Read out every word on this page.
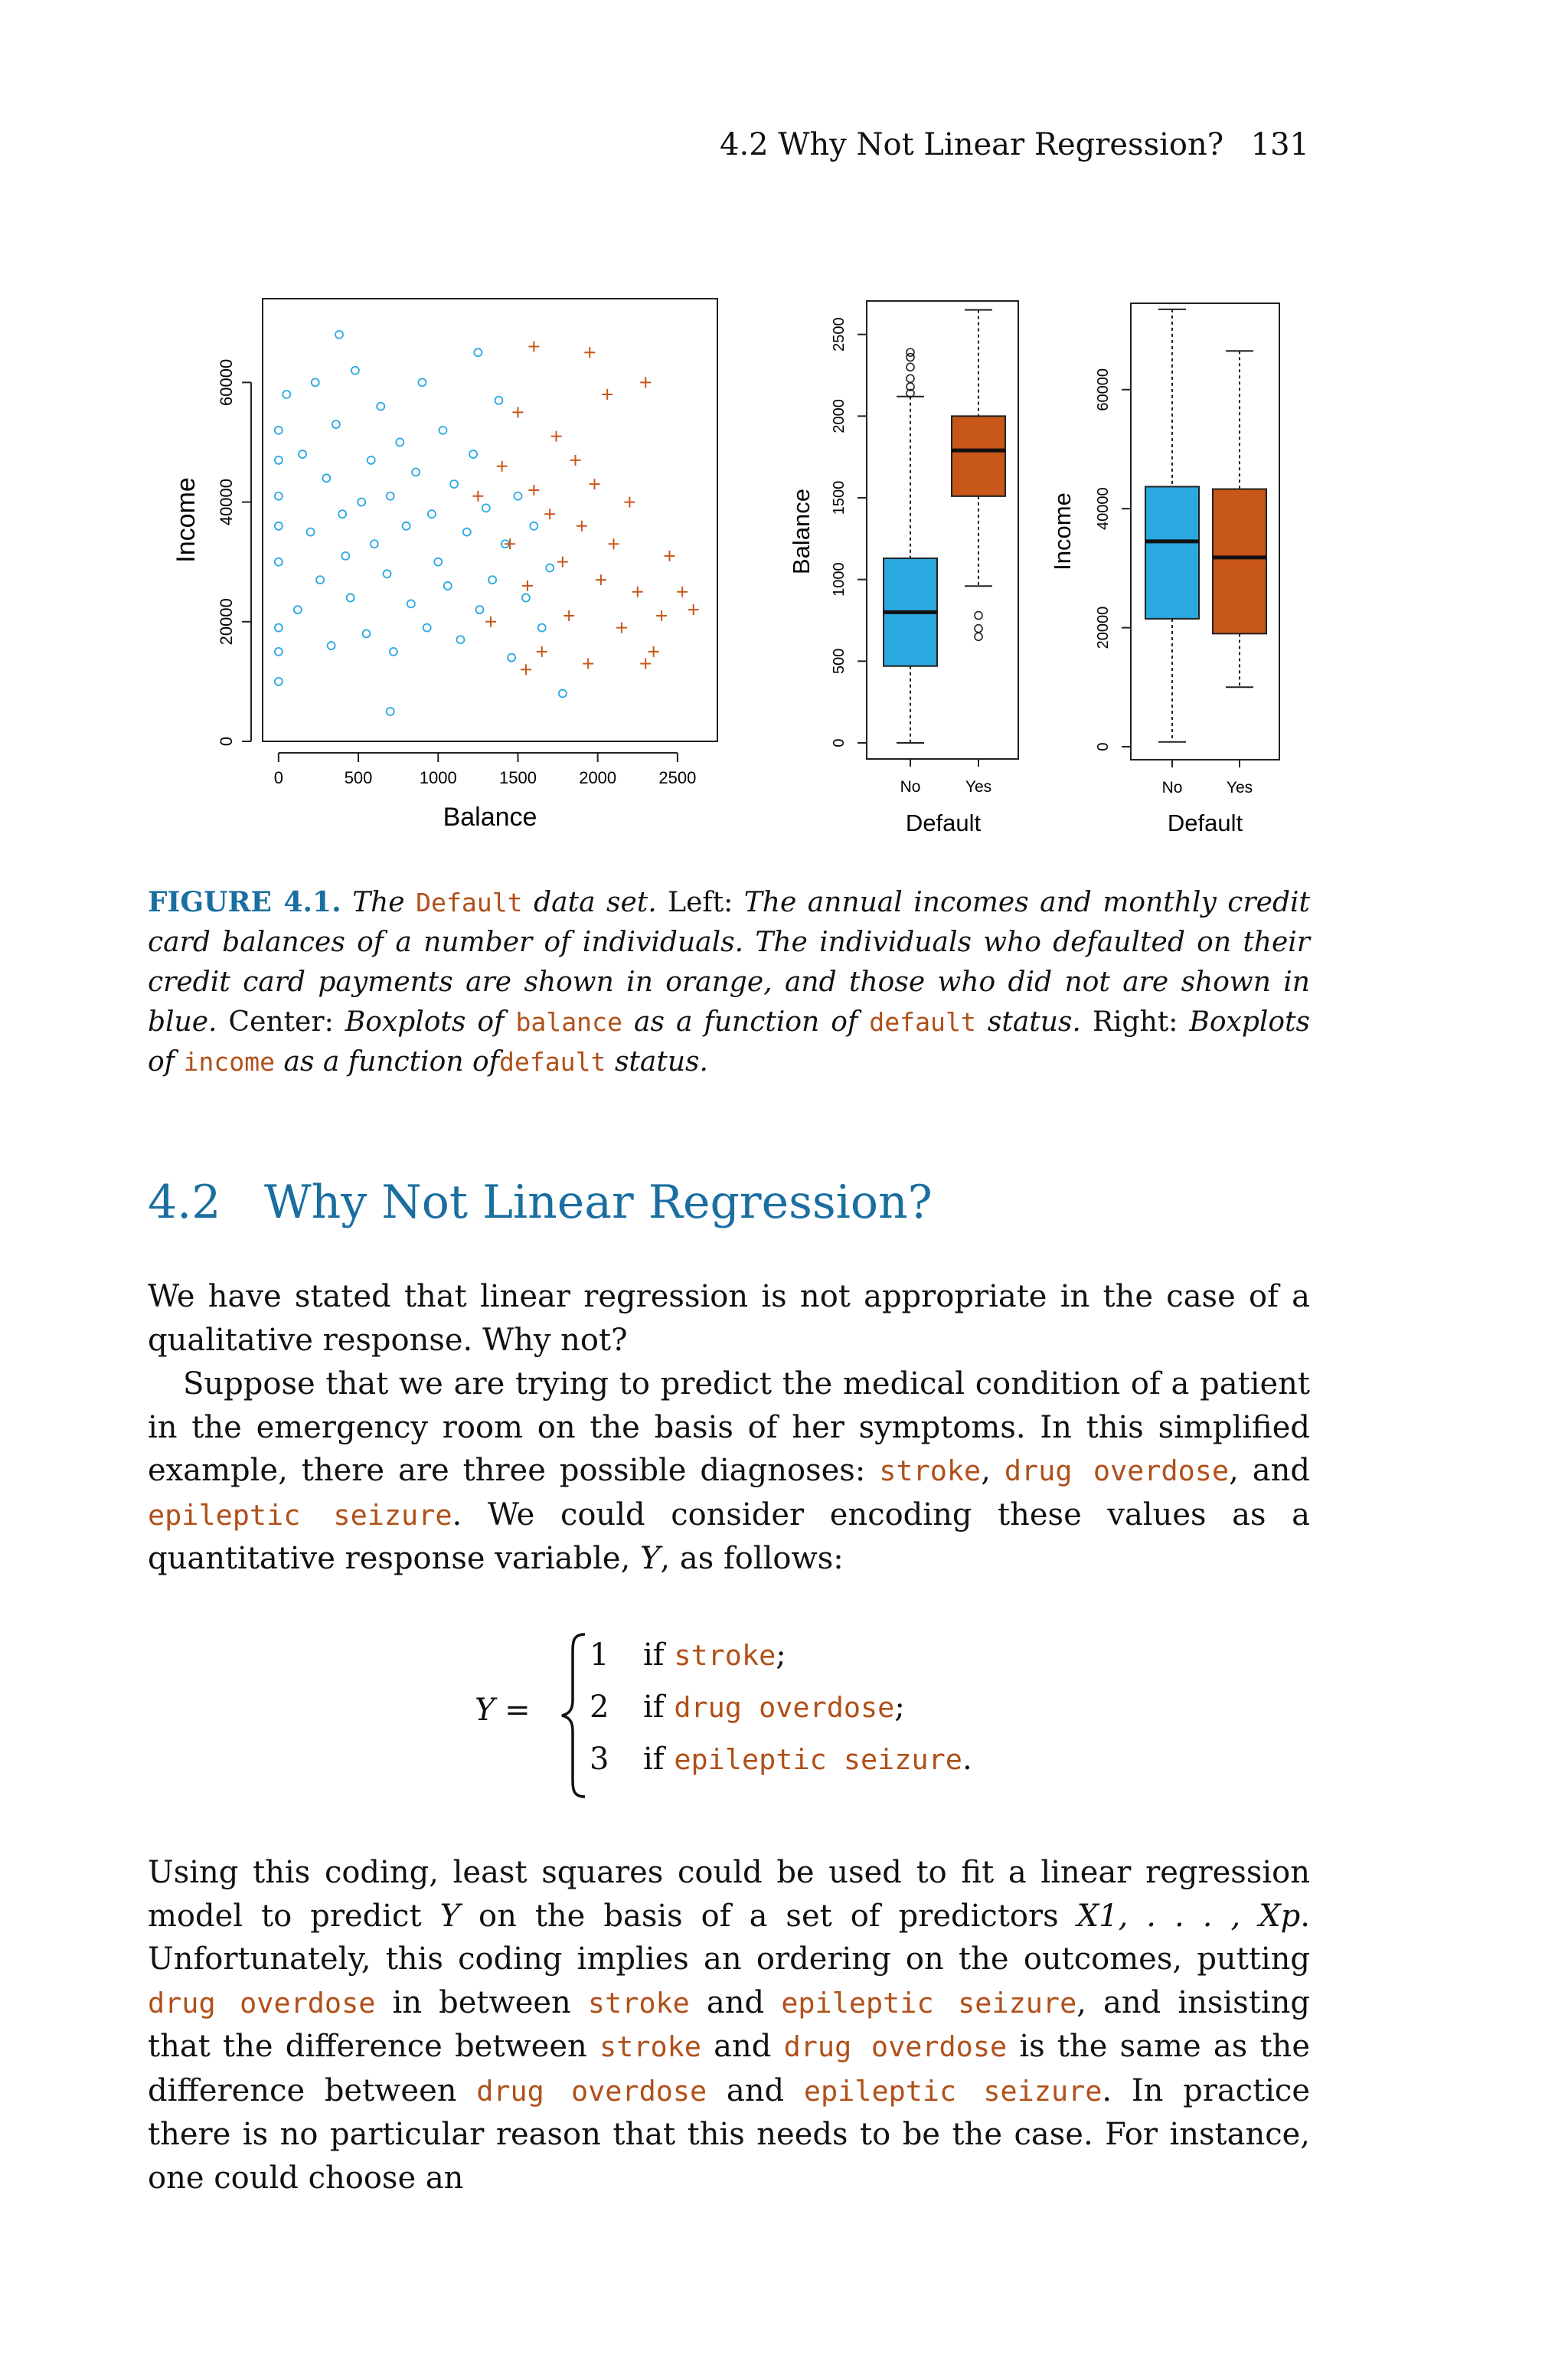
4.2 Why Not Linear Regression? 131
0	500	1000	1500	2000	2500
0
20000
40000
60000
Balance
Income
0
500
1000
1500
2000
2500
No	Yes
Default
Balance
0
20000
40000
60000
No	Yes
Default
Income
FIGURE 4.1. The Default data set. Left: The annual incomes and monthly credit card balances of a number of individuals. The individuals who defaulted on their credit card payments are shown in orange, and those who did not are shown in blue. Center: Boxplots of balance as a function of default status. Right: Boxplots of income as a function ofdefault status.
4.2 Why Not Linear Regression?
We have stated that linear regression is not appropriate in the case of a qualitative response. Why not?
Suppose that we are trying to predict the medical condition of a patient in the emergency room on the basis of her symptoms. In this simplified example, there are three possible diagnoses: stroke, drug overdose, and epileptic seizure. We could consider encoding these values as a quantitative response variable, Y, as follows:
Y =
1 if stroke;
2 if drug overdose;
3 if epileptic seizure.
Using this coding, least squares could be used to fit a linear regression model to predict Y on the basis of a set of predictors X1, . . . , Xp. Unfortunately, this coding implies an ordering on the outcomes, putting drug overdose in between stroke and epileptic seizure, and insisting that the difference between stroke and drug overdose is the same as the difference between drug overdose and epileptic seizure. In practice there is no particular reason that this needs to be the case. For instance, one could choose an
